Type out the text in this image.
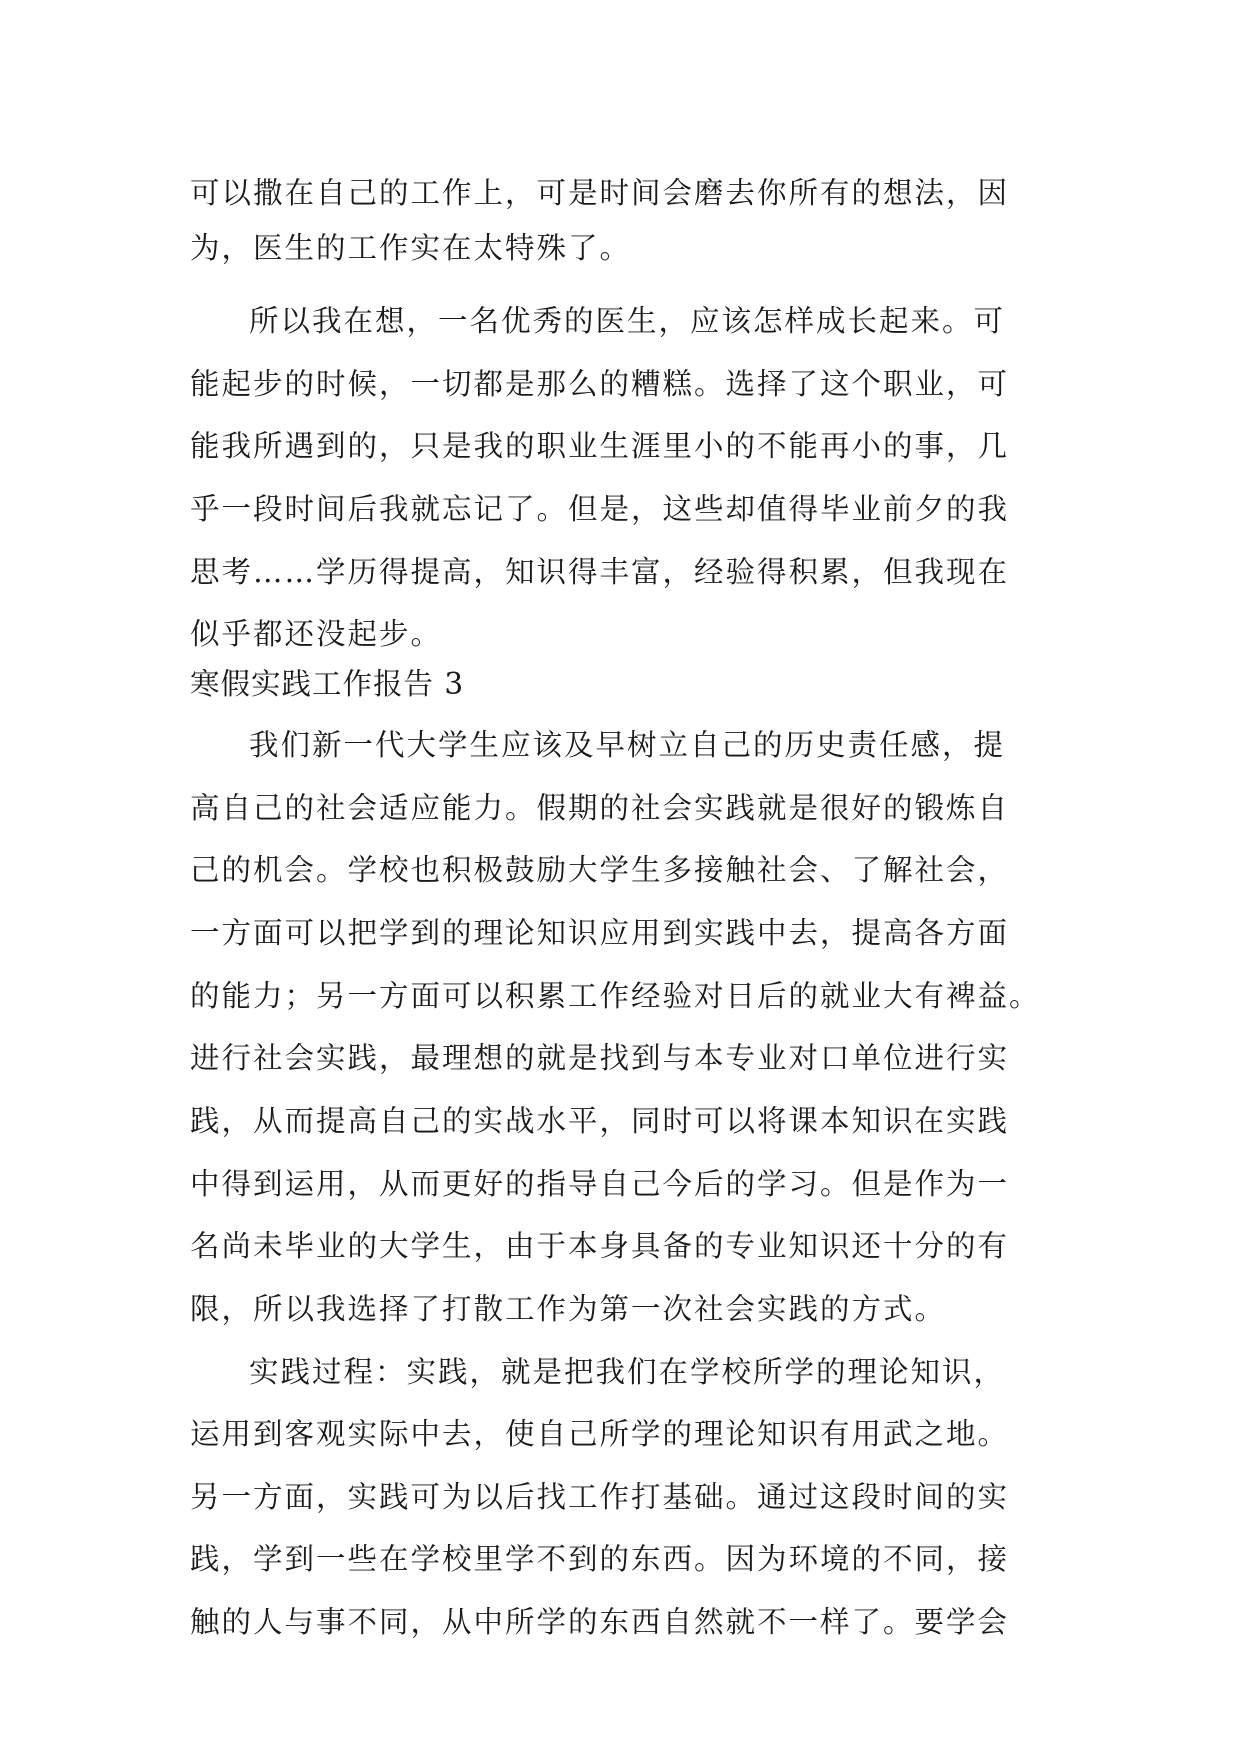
可以撒在自己的工作上，可是时间会磨去你所有的想法，因
为，医生的工作实在太特殊了。
所以我在想，一名优秀的医生，应该怎样成长起来。可
能起步的时候，一切都是那么的糟糕。选择了这个职业，可
能我所遇到的，只是我的职业生涯里小的不能再小的事，几
乎一段时间后我就忘记了。但是，这些却值得毕业前夕的我
思考……学历得提高，知识得丰富，经验得积累，但我现在
似乎都还没起步。
寒假实践工作报告 3
我们新一代大学生应该及早树立自己的历史责任感，提
高自己的社会适应能力。假期的社会实践就是很好的锻炼自
己的机会。学校也积极鼓励大学生多接触社会、了解社会，
一方面可以把学到的理论知识应用到实践中去，提高各方面
的能力；另一方面可以积累工作经验对日后的就业大有裨益。
进行社会实践，最理想的就是找到与本专业对口单位进行实
践，从而提高自己的实战水平，同时可以将课本知识在实践
中得到运用，从而更好的指导自己今后的学习。但是作为一
名尚未毕业的大学生，由于本身具备的专业知识还十分的有
限，所以我选择了打散工作为第一次社会实践的方式。
实践过程：实践，就是把我们在学校所学的理论知识，
运用到客观实际中去，使自己所学的理论知识有用武之地。
另一方面，实践可为以后找工作打基础。通过这段时间的实
践，学到一些在学校里学不到的东西。因为环境的不同，接
触的人与事不同，从中所学的东西自然就不一样了。要学会
